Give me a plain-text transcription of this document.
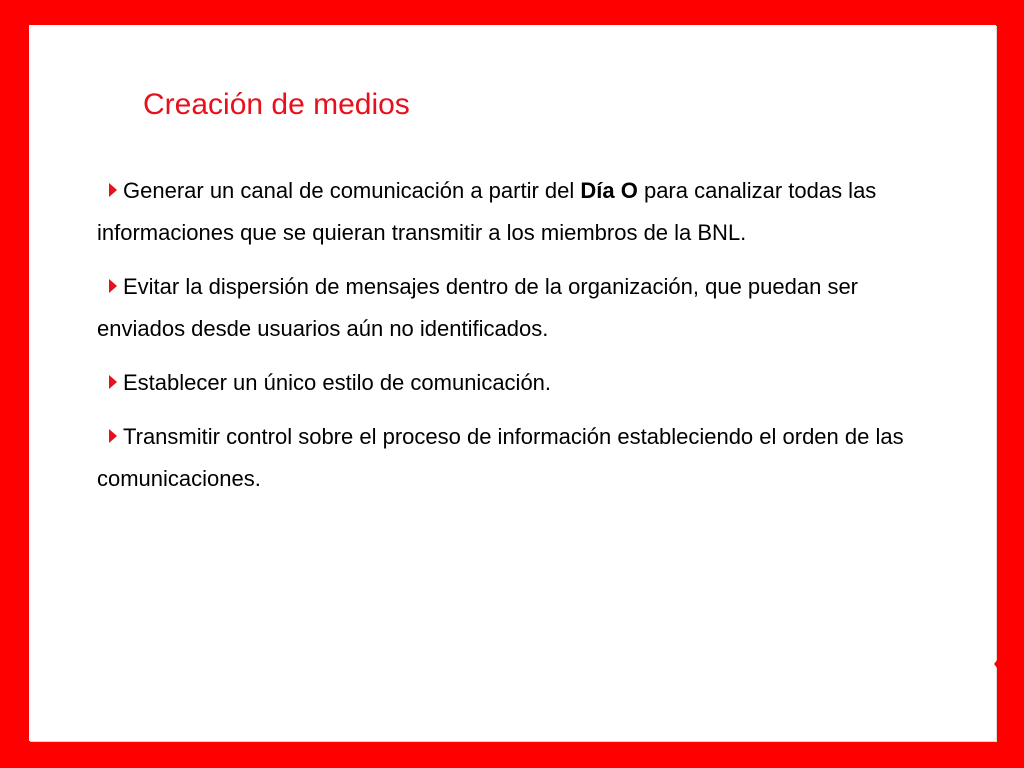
Creación de medios

Generar un canal de comunicación a partir del Día O para canalizar todas las informaciones que se quieran transmitir a los miembros de la BNL.

Evitar la dispersión de mensajes dentro de la organización, que puedan ser enviados desde usuarios aún no identificados.

Establecer un único estilo de comunicación.

Transmitir control sobre el proceso de información estableciendo el orden de las comunicaciones.
